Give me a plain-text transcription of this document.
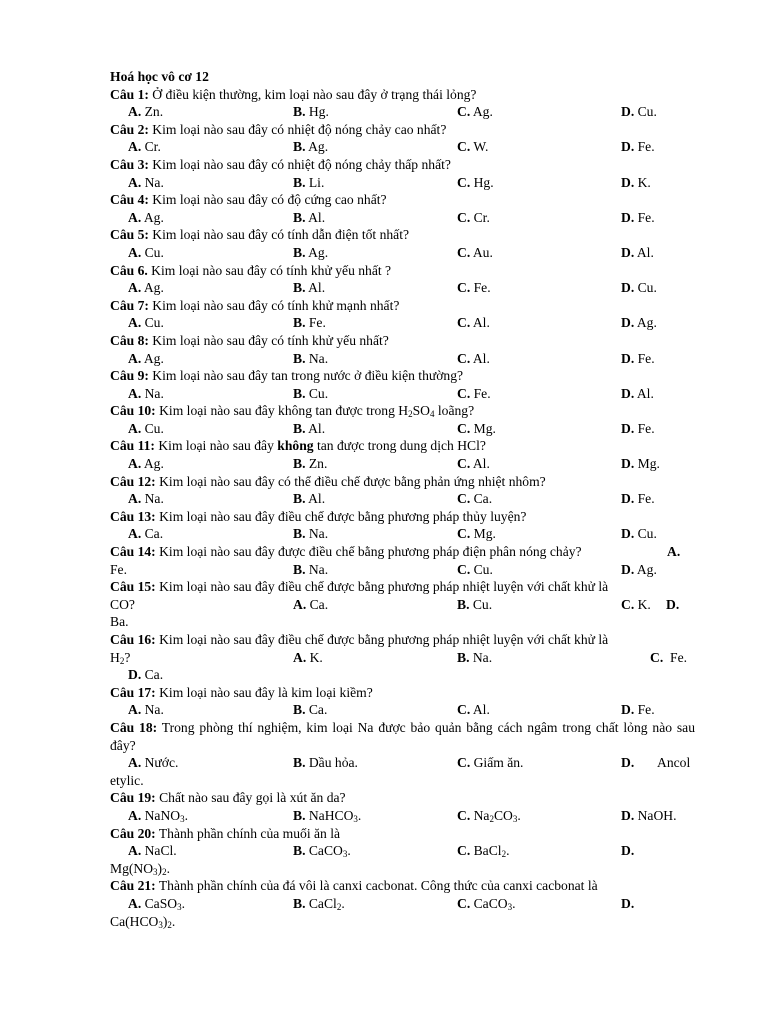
Hoá học vô cơ 12
Câu 1: Ở điều kiện thường, kim loại nào sau đây ở trạng thái lỏng?
A. Zn.	B. Hg.	C. Ag.	D. Cu.
Câu 2: Kim loại nào sau đây có nhiệt độ nóng chảy cao nhất?
A. Cr.	B. Ag.	C. W.	D. Fe.
Câu 3: Kim loại nào sau đây có nhiệt độ nóng chảy thấp nhất?
A. Na.	B. Li.	C. Hg.	D. K.
Câu 4: Kim loại nào sau đây có độ cứng cao nhất?
A. Ag.	B. Al.	C. Cr.	D. Fe.
Câu 5: Kim loại nào sau đây có tính dẫn điện tốt nhất?
A. Cu.	B. Ag.	C. Au.	D. Al.
Câu 6. Kim loại nào sau đây có tính khử yếu nhất ?
A. Ag.	B. Al.	C. Fe.	D. Cu.
Câu 7: Kim loại nào sau đây có tính khử mạnh nhất?
A. Cu.	B. Fe.	C. Al.	D. Ag.
Câu 8: Kim loại nào sau đây có tính khử yếu nhất?
A. Ag.	B. Na.	C. Al.	D. Fe.
Câu 9: Kim loại nào sau đây tan trong nước ở điều kiện thường?
A. Na.	B. Cu.	C. Fe.	D. Al.
Câu 10: Kim loại nào sau đây không tan được trong $H_2SO_4$ loãng?
A. Cu.	B. Al.	C. Mg.	D. Fe.
Câu 11: Kim loại nào sau đây không tan được trong dung dịch HCl?
A. Ag.	B. Zn.	C. Al.	D. Mg.
Câu 12: Kim loại nào sau đây có thể điều chế được bằng phản ứng nhiệt nhôm?
A. Na.	B. Al.	C. Ca.	D. Fe.
Câu 13: Kim loại nào sau đây điều chế được bằng phương pháp thủy luyện?
A. Ca.	B. Na.	C. Mg.	D. Cu.
Câu 14: Kim loại nào sau đây được điều chế bằng phương pháp điện phân nóng chảy?	A.
Fe.	B. Na.	C. Cu.	D. Ag.
Câu 15: Kim loại nào sau đây điều chế được bằng phương pháp nhiệt luyện với chất khử là
CO?	A. Ca.	B. Cu.	C. K. D.
Ba.
Câu 16: Kim loại nào sau đây điều chế được bằng phương pháp nhiệt luyện với chất khử là
$H_2$?	A. K.	B. Na.	C.  Fe.
D. Ca.
Câu 17: Kim loại nào sau đây là kim loại kiềm?
A. Na.	B. Ca.	C. Al.	D. Fe.
Câu 18: Trong phòng thí nghiệm, kim loại Na được bảo quản bằng cách ngâm trong chất lỏng nào sau đây?
A. Nước.	B. Dầu hỏa.	C. Giấm ăn.	D. Ancol
etylic.
Câu 19: Chất nào sau đây gọi là xút ăn da?
A. NaNO$_3$.	B. NaHCO$_3$.	C. $Na_2CO_3$.	D. NaOH.
Câu 20: Thành phần chính của muối ăn là
A. NaCl.	B. CaCO$_3$.	C. BaCl$_2$.	D.
$Mg(NO_3)_2$.
Câu 21: Thành phần chính của đá vôi là canxi cacbonat. Công thức của canxi cacbonat là
A. CaSO$_3$.	B. CaCl$_2$.	C. CaCO$_3$.	D.
$Ca(HCO_3)_2$.
